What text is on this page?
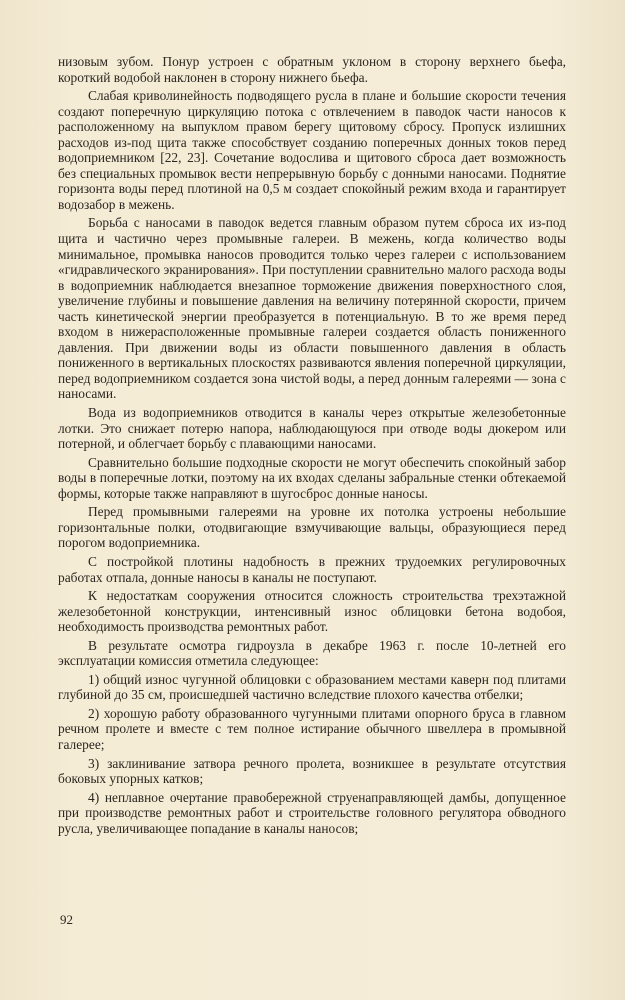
низовым зубом. Понур устроен с обратным уклоном в сторону верхнего бьефа, короткий водобой наклонен в сторону нижнего бьефа.

Слабая криволинейность подводящего русла в плане и большие скорости течения создают поперечную циркуляцию потока с отвлечением в паводок части наносов к расположенному на выпуклом правом берегу щитовому сбросу. Пропуск излишних расходов из-под щита также способствует созданию поперечных донных токов перед водоприемником [22, 23]. Сочетание водослива и щитового сброса дает возможность без специальных промывок вести непрерывную борьбу с донными наносами. Поднятие горизонта воды перед плотиной на 0,5 м создает спокойный режим входа и гарантирует водозабор в межень.

Борьба с наносами в паводок ведется главным образом путем сброса их из-под щита и частично через промывные галереи. В межень, когда количество воды минимальное, промывка наносов проводится только через галереи с использованием «гидравлического экранирования». При поступлении сравнительно малого расхода воды в водоприемник наблюдается внезапное торможение движения поверхностного слоя, увеличение глубины и повышение давления на величину потерянной скорости, причем часть кинетической энергии преобразуется в потенциальную. В то же время перед входом в нижерасположенные промывные галереи создается область пониженного давления. При движении воды из области повышенного давления в область пониженного в вертикальных плоскостях развиваются явления поперечной циркуляции, перед водоприемником создается зона чистой воды, а перед донным галереями — зона с наносами.

Вода из водоприемников отводится в каналы через открытые железобетонные лотки. Это снижает потерю напора, наблюдающуюся при отводе воды дюкером или потерной, и облегчает борьбу с плавающими наносами.

Сравнительно большие подходные скорости не могут обеспечить спокойный забор воды в поперечные лотки, поэтому на их входах сделаны забральные стенки обтекаемой формы, которые также направляют в шугосброс донные наносы.

Перед промывными галереями на уровне их потолка устроены небольшие горизонтальные полки, отодвигающие взмучивающие вальцы, образующиеся перед порогом водоприемника.

С постройкой плотины надобность в прежних трудоемких регулировочных работах отпала, донные наносы в каналы не поступают.

К недостаткам сооружения относится сложность строительства трехэтажной железобетонной конструкции, интенсивный износ облицовки бетона водобоя, необходимость производства ремонтных работ.

В результате осмотра гидроузла в декабре 1963 г. после 10-летней его эксплуатации комиссия отметила следующее:

1) общий износ чугунной облицовки с образованием местами каверн под плитами глубиной до 35 см, происшедшей частично вследствие плохого качества отбелки;

2) хорошую работу образованного чугунными плитами опорного бруса в главном речном пролете и вместе с тем полное истирание обычного швеллера в промывной галерее;

3) заклинивание затвора речного пролета, возникшее в результате отсутствия боковых упорных катков;

4) неплавное очертание правобережной струенаправляющей дамбы, допущенное при производстве ремонтных работ и строительстве головного регулятора обводного русла, увеличивающее попадание в каналы наносов;

92
